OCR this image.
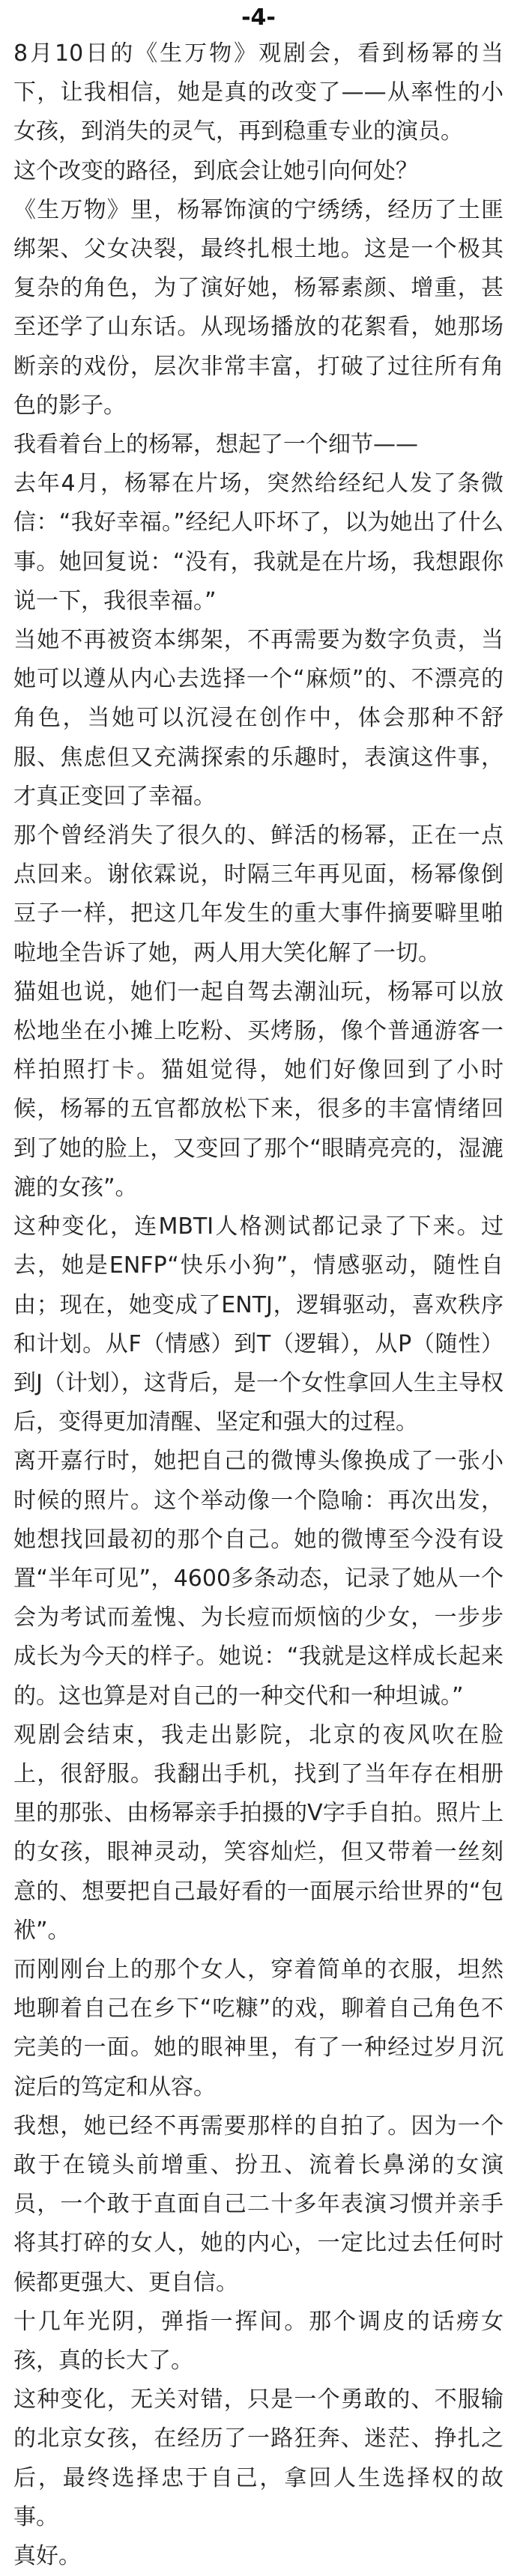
-4-

8月10日的《生万物》观剧会，看到杨幂的当下，让我相信，她是真的改变了——从率性的小女孩，到消失的灵气，再到稳重专业的演员。

这个改变的路径，到底会让她引向何处？

《生万物》里，杨幂饰演的宁绣绣，经历了土匪绑架、父女决裂，最终扎根土地。这是一个极其复杂的角色，为了演好她，杨幂素颜、增重，甚至还学了山东话。从现场播放的花絮看，她那场断亲的戏份，层次非常丰富，打破了过往所有角色的影子。

我看着台上的杨幂，想起了一个细节——

去年4月，杨幂在片场，突然给经纪人发了条微信：“我好幸福。”经纪人吓坏了，以为她出了什么事。她回复说：“没有，我就是在片场，我想跟你说一下，我很幸福。”

当她不再被资本绑架，不再需要为数字负责，当她可以遵从内心去选择一个“麻烦”的、不漂亮的角色，当她可以沉浸在创作中，体会那种不舒服、焦虑但又充满探索的乐趣时，表演这件事，才真正变回了幸福。

那个曾经消失了很久的、鲜活的杨幂，正在一点点回来。谢依霖说，时隔三年再见面，杨幂像倒豆子一样，把这几年发生的重大事件摘要噼里啪啦地全告诉了她，两人用大笑化解了一切。

猫姐也说，她们一起自驾去潮汕玩，杨幂可以放松地坐在小摊上吃粉、买烤肠，像个普通游客一样拍照打卡。猫姐觉得，她们好像回到了小时候，杨幂的五官都放松下来，很多的丰富情绪回到了她的脸上，又变回了那个“眼睛亮亮的，湿漉漉的女孩”。

这种变化，连MBTI人格测试都记录了下来。过去，她是ENFP“快乐小狗”，情感驱动，随性自由；现在，她变成了ENTJ，逻辑驱动，喜欢秩序和计划。从F（情感）到T（逻辑），从P（随性）到J（计划），这背后，是一个女性拿回人生主导权后，变得更加清醒、坚定和强大的过程。

离开嘉行时，她把自己的微博头像换成了一张小时候的照片。这个举动像一个隐喻：再次出发，她想找回最初的那个自己。她的微博至今没有设置“半年可见”，4600多条动态，记录了她从一个会为考试而羞愧、为长痘而烦恼的少女，一步步成长为今天的样子。她说：“我就是这样成长起来的。这也算是对自己的一种交代和一种坦诚。”

观剧会结束，我走出影院，北京的夜风吹在脸上，很舒服。我翻出手机，找到了当年存在相册里的那张、由杨幂亲手拍摄的V字手自拍。照片上的女孩，眼神灵动，笑容灿烂，但又带着一丝刻意的、想要把自己最好看的一面展示给世界的“包袱”。

而刚刚台上的那个女人，穿着简单的衣服，坦然地聊着自己在乡下“吃糠”的戏，聊着自己角色不完美的一面。她的眼神里，有了一种经过岁月沉淀后的笃定和从容。

我想，她已经不再需要那样的自拍了。因为一个敢于在镜头前增重、扮丑、流着长鼻涕的女演员，一个敢于直面自己二十多年表演习惯并亲手将其打碎的女人，她的内心，一定比过去任何时候都更强大、更自信。

十几年光阴，弹指一挥间。那个调皮的话痨女孩，真的长大了。

这种变化，无关对错，只是一个勇敢的、不服输的北京女孩，在经历了一路狂奔、迷茫、挣扎之后，最终选择忠于自己，拿回人生选择权的故事。

真好。
